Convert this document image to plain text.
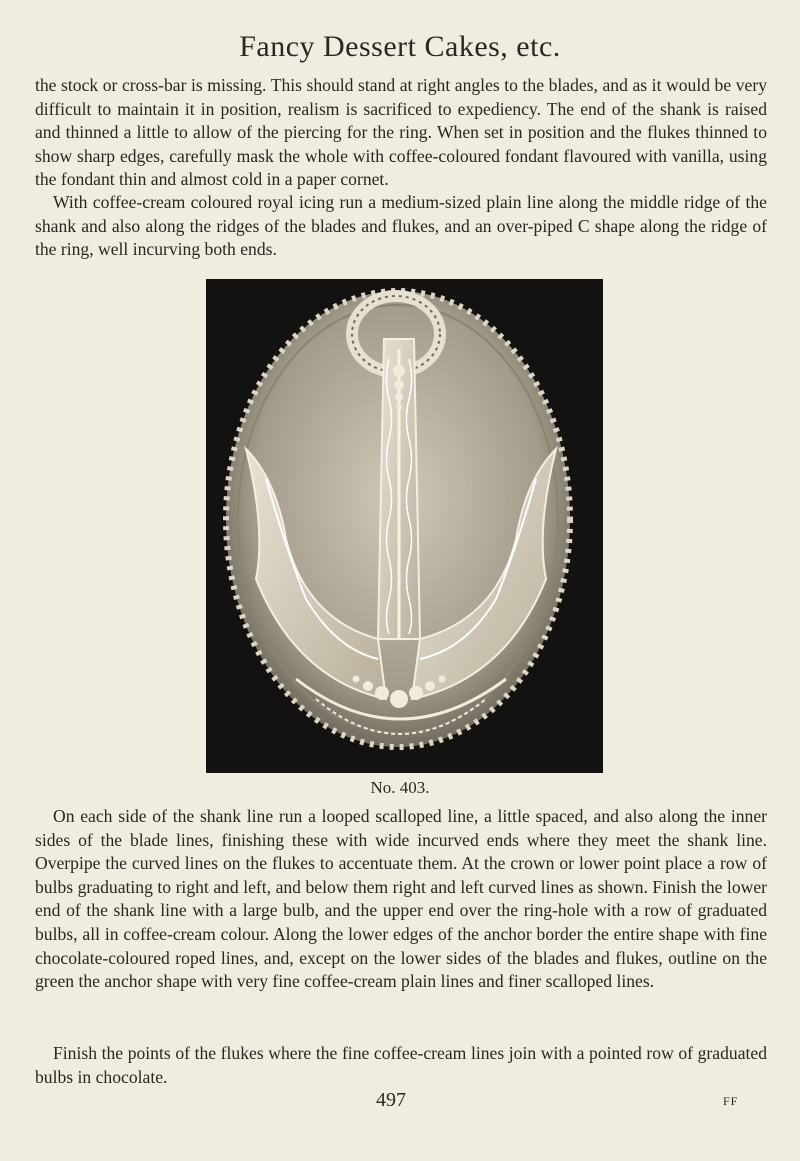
Fancy Dessert Cakes, etc.

the stock or cross-bar is missing. This should stand at right angles to the blades, and as it would be very difficult to maintain it in position, realism is sacrificed to expediency. The end of the shank is raised and thinned a little to allow of the piercing for the ring. When set in position and the flukes thinned to show sharp edges, carefully mask the whole with coffee-coloured fondant flavoured with vanilla, using the fondant thin and almost cold in a paper cornet.

With coffee-cream coloured royal icing run a medium-sized plain line along the middle ridge of the shank and also along the ridges of the blades and flukes, and an over-piped C shape along the ridge of the ring, well incurving both ends.

No. 403.

On each side of the shank line run a looped scalloped line, a little spaced, and also along the inner sides of the blade lines, finishing these with wide incurved ends where they meet the shank line. Overpipe the curved lines on the flukes to accentuate them. At the crown or lower point place a row of bulbs graduating to right and left, and below them right and left curved lines as shown. Finish the lower end of the shank line with a large bulb, and the upper end over the ring-hole with a row of graduated bulbs, all in coffee-cream colour. Along the lower edges of the anchor border the entire shape with fine chocolate-coloured roped lines, and, except on the lower sides of the blades and flukes, outline on the green the anchor shape with very fine coffee-cream plain lines and finer scalloped lines.

Finish the points of the flukes where the fine coffee-cream lines join with a pointed row of graduated bulbs in chocolate.

497	FF
